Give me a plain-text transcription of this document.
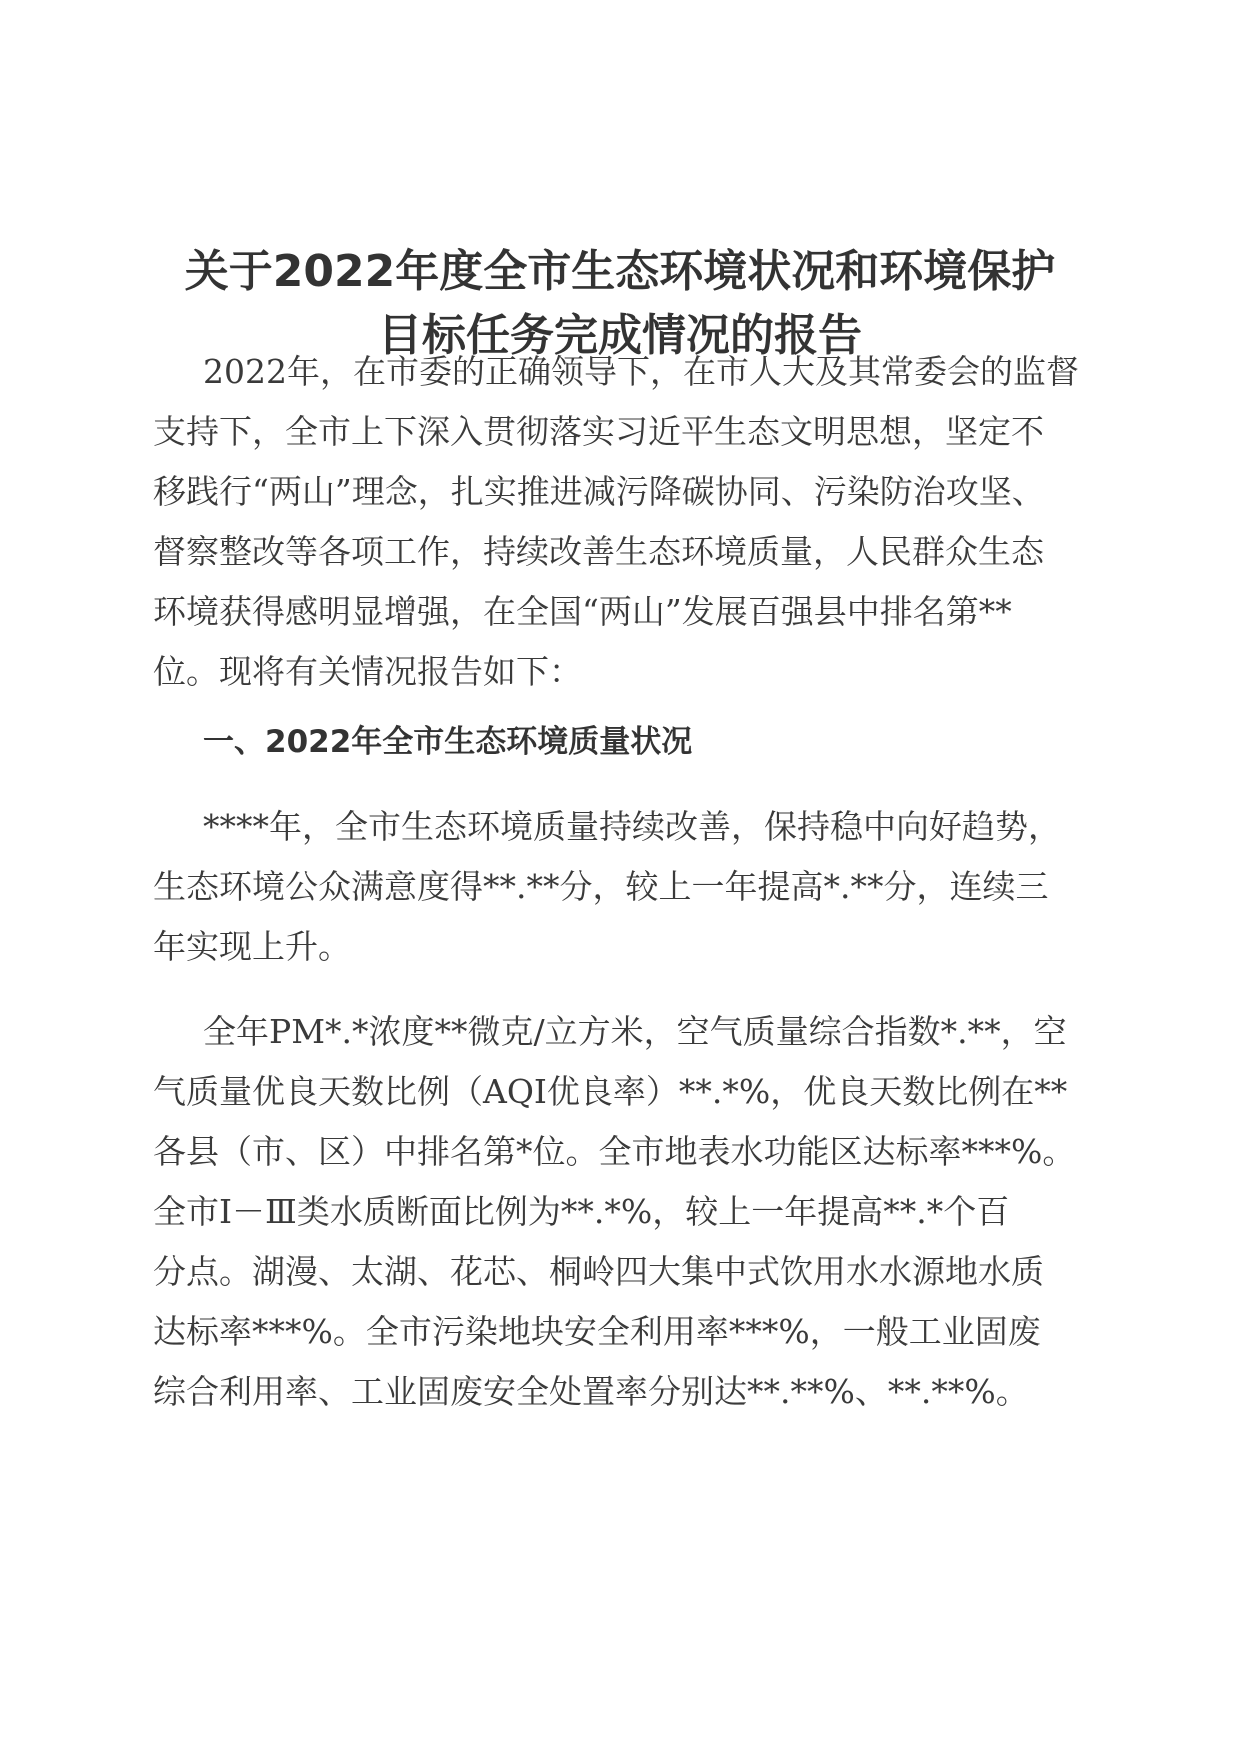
关于2022年度全市生态环境状况和环境保护
目标任务完成情况的报告
2022年，在市委的正确领导下，在市人大及其常委会的监督
支持下，全市上下深入贯彻落实习近平生态文明思想，坚定不
移践行“两山”理念，扎实推进减污降碳协同、污染防治攻坚、
督察整改等各项工作，持续改善生态环境质量，人民群众生态
环境获得感明显增强，在全国“两山”发展百强县中排名第**
位。现将有关情况报告如下：
一、2022年全市生态环境质量状况
****年，全市生态环境质量持续改善，保持稳中向好趋势，
生态环境公众满意度得**.**分，较上一年提高*.**分，连续三
年实现上升。
全年PM*.*浓度**微克/立方米，空气质量综合指数*.**，空
气质量优良天数比例（AQI优良率）**.*%，优良天数比例在**
各县（市、区）中排名第*位。全市地表水功能区达标率***%。
全市Ⅰ－Ⅲ类水质断面比例为**.*%，较上一年提高**.*个百
分点。湖漫、太湖、花芯、桐岭四大集中式饮用水水源地水质
达标率***%。全市污染地块安全利用率***%，一般工业固废
综合利用率、工业固废安全处置率分别达**.**%、**.**%。
